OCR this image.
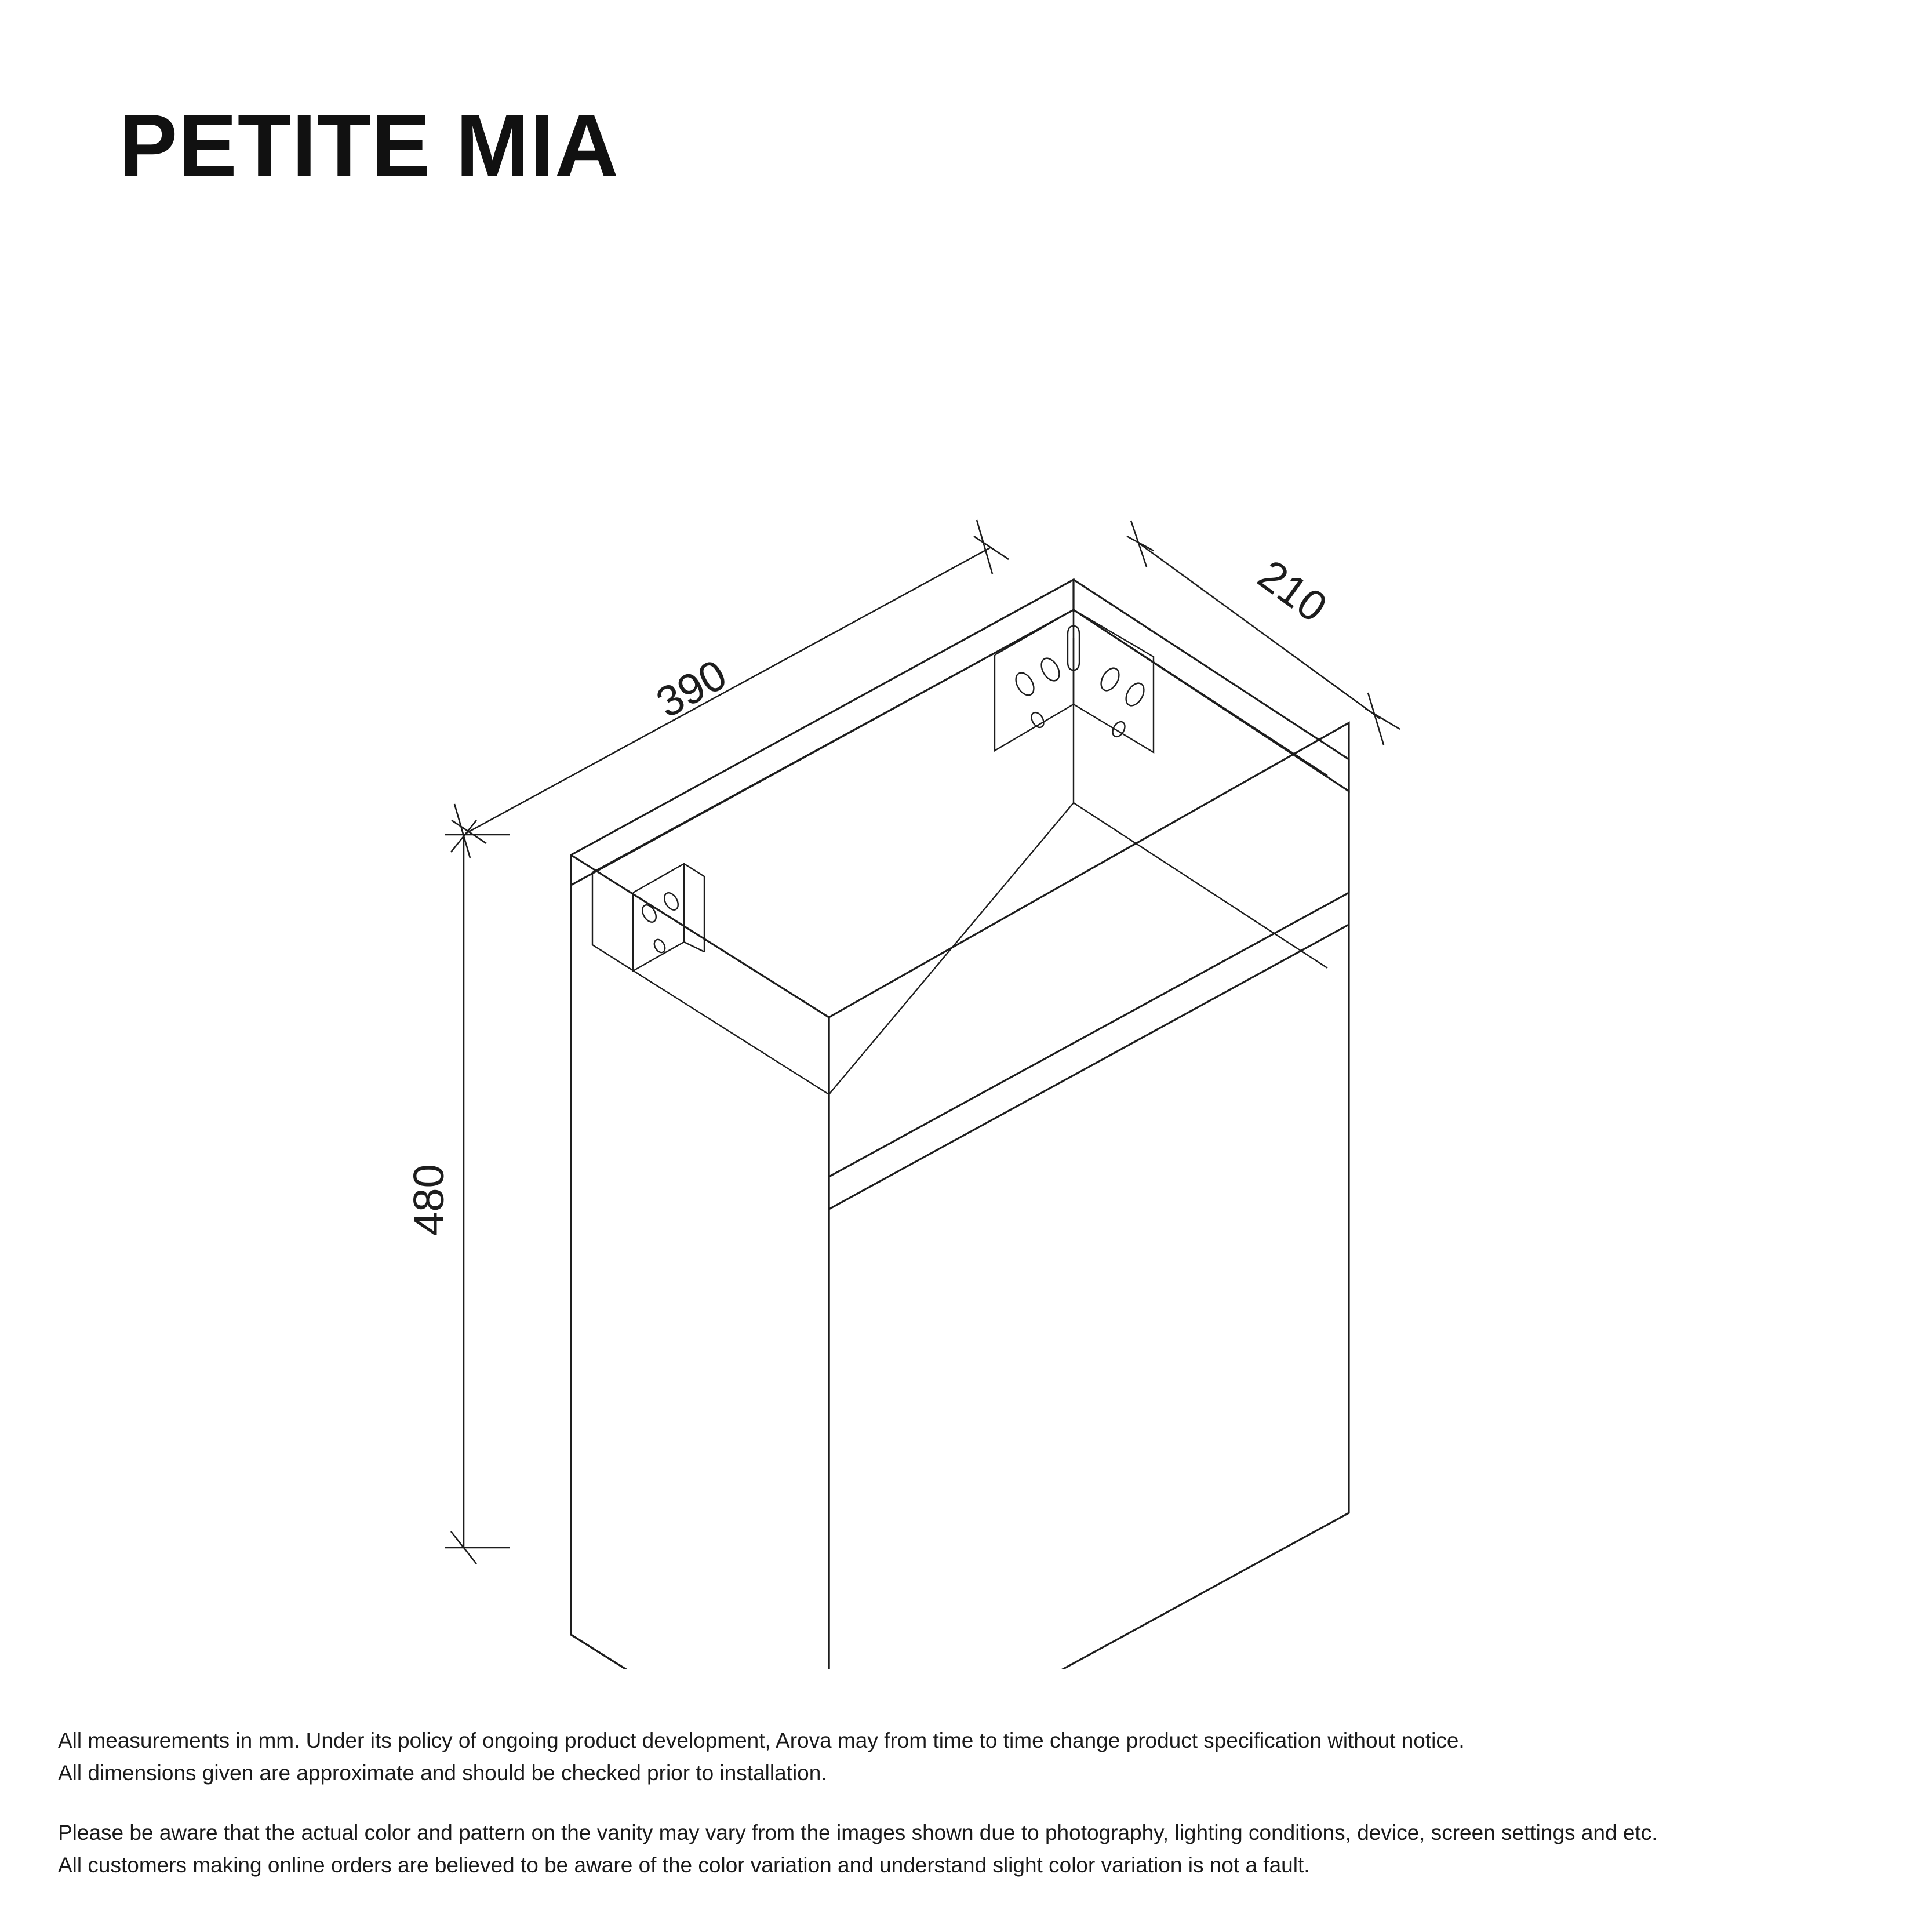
PETITE MIA
390
210
480
All measurements in mm. Under its policy of ongoing product development, Arova may from time to time change product specification without notice.
All dimensions given are approximate and should be checked prior to installation.
Please be aware that the actual color and pattern on the vanity may vary from the images shown due to photography, lighting conditions, device, screen settings and etc.
All customers making online orders are believed to be aware of the color variation and understand slight color variation is not a fault.
